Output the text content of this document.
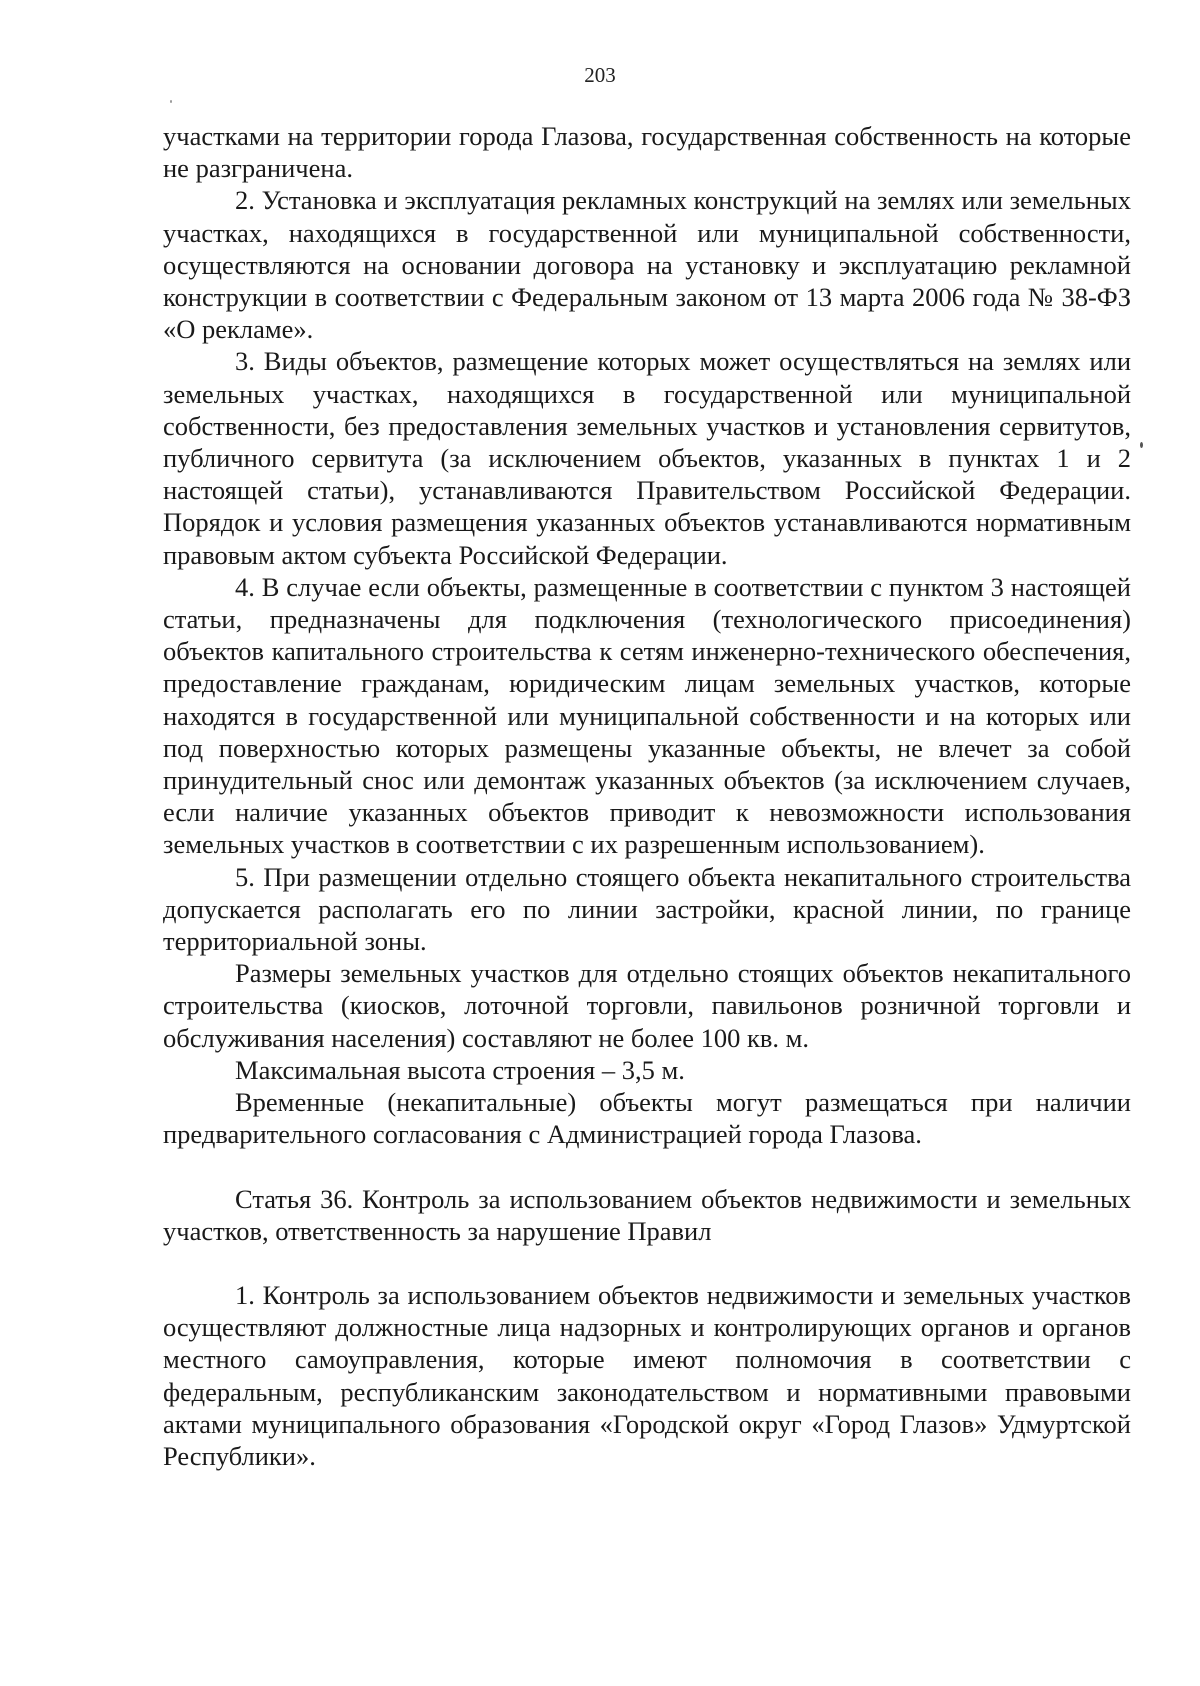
203

участками на территории города Глазова, государственная собственность на которые не разграничена.

2. Установка и эксплуатация рекламных конструкций на землях или земельных участках, находящихся в государственной или муниципальной собственности, осуществляются на основании договора на установку и эксплуатацию рекламной конструкции в соответствии с Федеральным законом от 13 марта 2006 года № 38-ФЗ «О рекламе».

3. Виды объектов, размещение которых может осуществляться на землях или земельных участках, находящихся в государственной или муниципальной собственности, без предоставления земельных участков и установления сервитутов, публичного сервитута (за исключением объектов, указанных в пунктах 1 и 2 настоящей статьи), устанавливаются Правительством Российской Федерации. Порядок и условия размещения указанных объектов устанавливаются нормативным правовым актом субъекта Российской Федерации.

4. В случае если объекты, размещенные в соответствии с пунктом 3 настоящей статьи, предназначены для подключения (технологического присоединения) объектов капитального строительства к сетям инженерно-технического обеспечения, предоставление гражданам, юридическим лицам земельных участков, которые находятся в государственной или муниципальной собственности и на которых или под поверхностью которых размещены указанные объекты, не влечет за собой принудительный снос или демонтаж указанных объектов (за исключением случаев, если наличие указанных объектов приводит к невозможности использования земельных участков в соответствии с их разрешенным использованием).

5. При размещении отдельно стоящего объекта некапитального строительства допускается располагать его по линии застройки, красной линии, по границе территориальной зоны.

Размеры земельных участков для отдельно стоящих объектов некапитального строительства (киосков, лоточной торговли, павильонов розничной торговли и обслуживания населения) составляют не более 100 кв. м.

Максимальная высота строения – 3,5 м.

Временные (некапитальные) объекты могут размещаться при наличии предварительного согласования с Администрацией города Глазова.

Статья 36. Контроль за использованием объектов недвижимости и земельных участков, ответственность за нарушение Правил

1. Контроль за использованием объектов недвижимости и земельных участков осуществляют должностные лица надзорных и контролирующих органов и органов местного самоуправления, которые имеют полномочия в соответствии с федеральным, республиканским законодательством и нормативными правовыми актами муниципального образования «Городской округ «Город Глазов» Удмуртской Республики».
